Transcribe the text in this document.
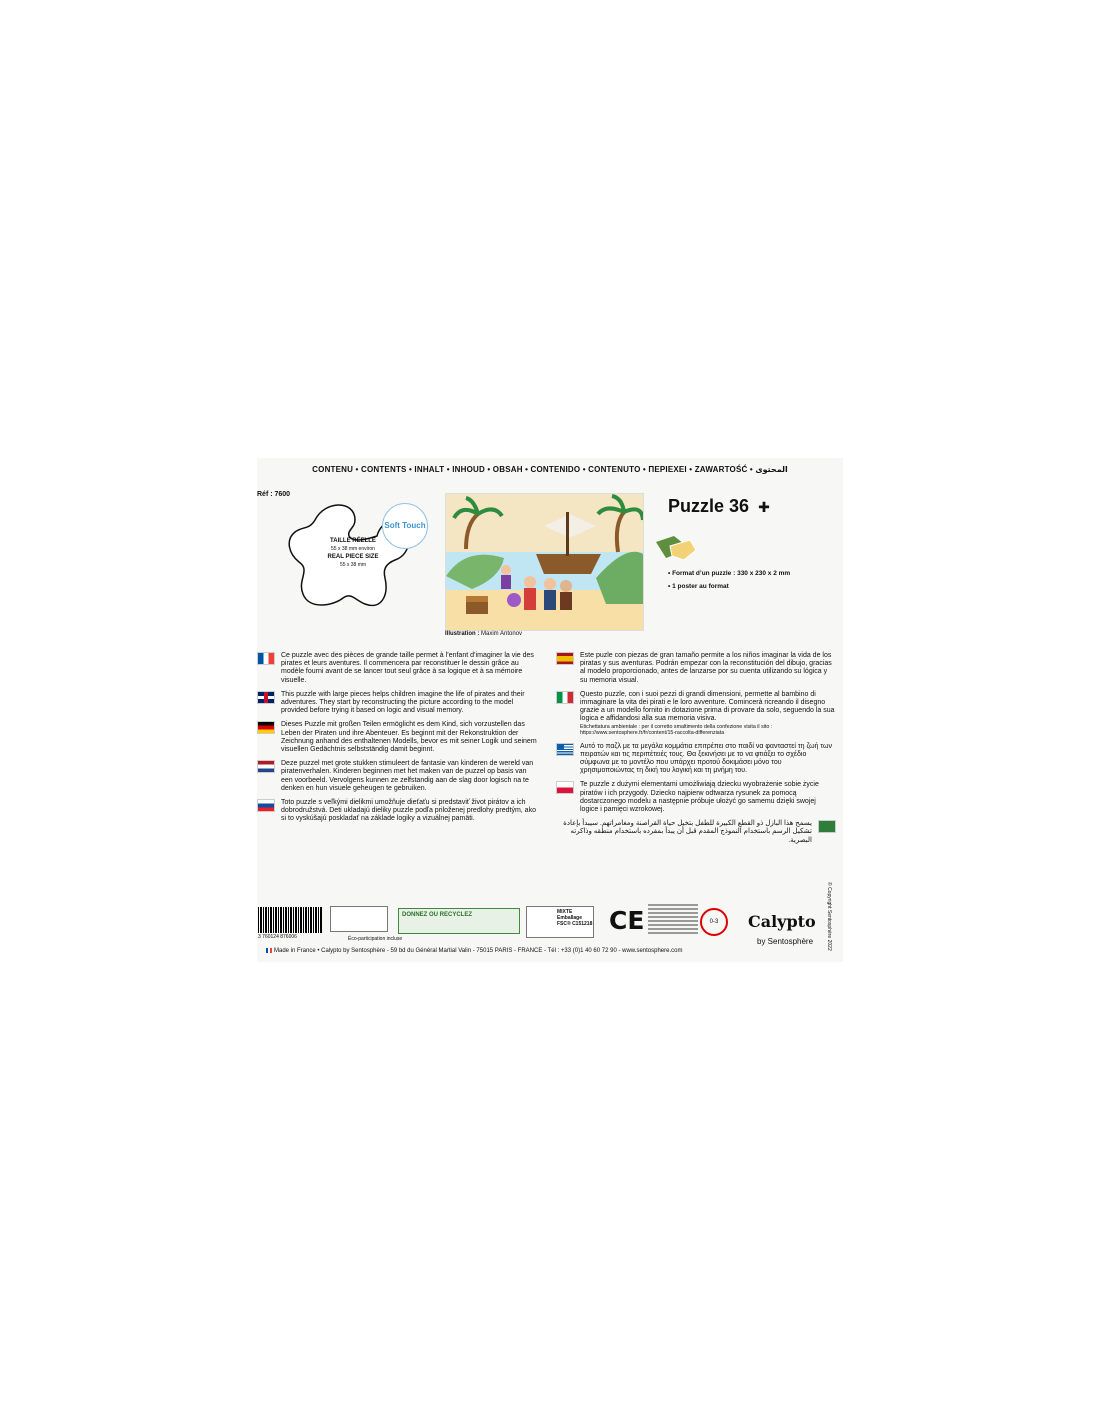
CONTENU • CONTENTS • INHALT • INHOUD • OBSAH • CONTENIDO • CONTENUTO • ΠΕΡΙΕΧΕΙ • ZAWARTOŚĆ • المحتوى
Réf : 7600
TAILLE RÉELLE
55 x 38 mm environ
REAL PIECE SIZE
55 x 38 mm
Soft Touch
Illustration : Maxim Antonov
Puzzle 36 ✚
• Format d’un puzzle : 330 x 230 x 2 mm
• 1 poster au format
Ce puzzle avec des pièces de grande taille permet à l’enfant d’imaginer la vie des pirates et leurs aventures. Il commencera par reconstituer le dessin grâce au modèle fourni avant de se lancer tout seul grâce à sa logique et à sa mémoire visuelle.
This puzzle with large pieces helps children imagine the life of pirates and their adventures. They start by reconstructing the picture according to the model provided before trying it based on logic and visual memory.
Dieses Puzzle mit großen Teilen ermöglicht es dem Kind, sich vorzustellen das Leben der Piraten und ihre Abenteuer. Es beginnt mit der Rekonstruktion der Zeichnung anhand des enthaltenen Modells, bevor es mit seiner Logik und seinem visuellen Gedächtnis selbstständig damit beginnt.
Deze puzzel met grote stukken stimuleert de fantasie van kinderen de wereld van piratenverhalen. Kinderen beginnen met het maken van de puzzel op basis van een voorbeeld. Vervolgens kunnen ze zelfstandig aan de slag door logisch na te denken en hun visuele geheugen te gebruiken.
Toto puzzle s veľkými dielikmi umožňuje dieťaťu si predstaviť život pirátov a ich dobrodružstvá. Deti ukladajú dieliky puzzle podľa priloženej predlohy predtým, ako si to vyskúšajú poskladať na základe logiky a vizuálnej pamäti.
Este puzle con piezas de gran tamaño permite a los niños imaginar la vida de los piratas y sus aventuras. Podrán empezar con la reconstitución del dibujo, gracias al modelo proporcionado, antes de lanzarse por su cuenta utilizando su lógica y su memoria visual.
Questo puzzle, con i suoi pezzi di grandi dimensioni, permette al bambino di immaginare la vita dei pirati e le loro avventure. Comincerà ricreando il disegno grazie a un modello fornito in dotazione prima di provare da solo, seguendo la sua logica e affidandosi alla sua memoria visiva.
Etichettatura ambientale : per il corretto smaltimento della confezione visita il sito : https://www.sentosphere.fr/fr/content/15-raccolta-differenziata
Αυτό το παζλ με τα μεγάλα κομμάτια επιτρέπει στο παιδί να φανταστεί τη ζωή των πειρατών και τις περιπέτειές τους. Θα ξεκινήσει με το να φτιάξει το σχέδιο σύμφωνα με το μοντέλο που υπάρχει προτού δοκιμάσει μόνο του χρησιμοποιώντας τη δική του λογική και τη μνήμη του.
Te puzzle z dużymi elementami umożliwiają dziecku wyobrażenie sobie życie piratów i ich przygody. Dziecko najpierw odtwarza rysunek za pomocą dostarczonego modelu a następnie próbuje ułożyć go samemu dzięki swojej logice i pamięci wzrokowej.
يسمح هذا البازل ذو القطع الكبيرة للطفل بتخيل حياة القراصنة ومغامراتهم. سيبدأ بإعادة تشكيل الرسم باستخدام النموذج المقدم قبل أن يبدأ بمفرده باستخدام منطقه وذاكرته البصرية.
3 760124 876006	Éco-participation incluse
DONNEZ OU RECYCLEZ	MIXTE
Emballage
FSC® C151218 CE	0-3 Calypto
by Sentosphère	© Copyright Sentosphère 2022
Made in France • Calypto by Sentosphère - 59 bd du Général Martial Valin - 75015 PARIS - FRANCE - Tél : +33 (0)1 40 60 72 90 - www.sentosphere.com
